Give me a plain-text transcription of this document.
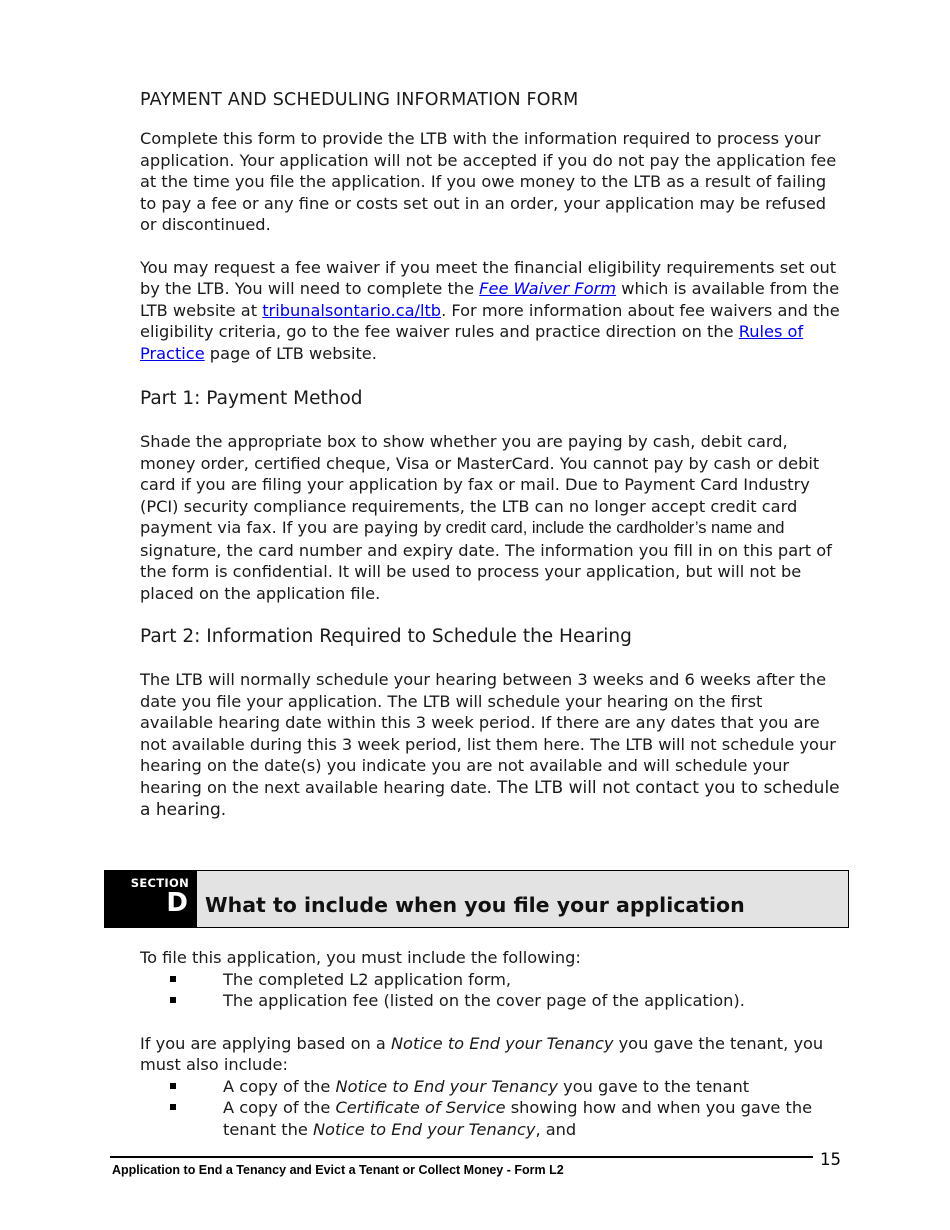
PAYMENT AND SCHEDULING INFORMATION FORM

Complete this form to provide the LTB with the information required to process your application. Your application will not be accepted if you do not pay the application fee at the time you file the application. If you owe money to the LTB as a result of failing to pay a fee or any fine or costs set out in an order, your application may be refused or discontinued.

You may request a fee waiver if you meet the financial eligibility requirements set out by the LTB. You will need to complete the Fee Waiver Form which is available from the LTB website at tribunalsontario.ca/ltb. For more information about fee waivers and the eligibility criteria, go to the fee waiver rules and practice direction on the Rules of Practice page of LTB website.

Part 1: Payment Method

Shade the appropriate box to show whether you are paying by cash, debit card, money order, certified cheque, Visa or MasterCard. You cannot pay by cash or debit card if you are filing your application by fax or mail. Due to Payment Card Industry (PCI) security compliance requirements, the LTB can no longer accept credit card payment via fax. If you are paying by credit card, include the cardholder’s name and signature, the card number and expiry date. The information you fill in on this part of the form is confidential. It will be used to process your application, but will not be placed on the application file.

Part 2: Information Required to Schedule the Hearing

The LTB will normally schedule your hearing between 3 weeks and 6 weeks after the date you file your application. The LTB will schedule your hearing on the first available hearing date within this 3 week period. If there are any dates that you are not available during this 3 week period, list them here. The LTB will not schedule your hearing on the date(s) you indicate you are not available and will schedule your hearing on the next available hearing date. The LTB will not contact you to schedule a hearing.

SECTION
D What to include when you file your application

To file this application, you must include the following:

The completed L2 application form,
The application fee (listed on the cover page of the application).

If you are applying based on a Notice to End your Tenancy you gave the tenant, you must also include:

A copy of the Notice to End your Tenancy you gave to the tenant
A copy of the Certificate of Service showing how and when you gave the tenant the Notice to End your Tenancy, and
Application to End a Tenancy and Evict a Tenant or Collect Money - Form L2
15
